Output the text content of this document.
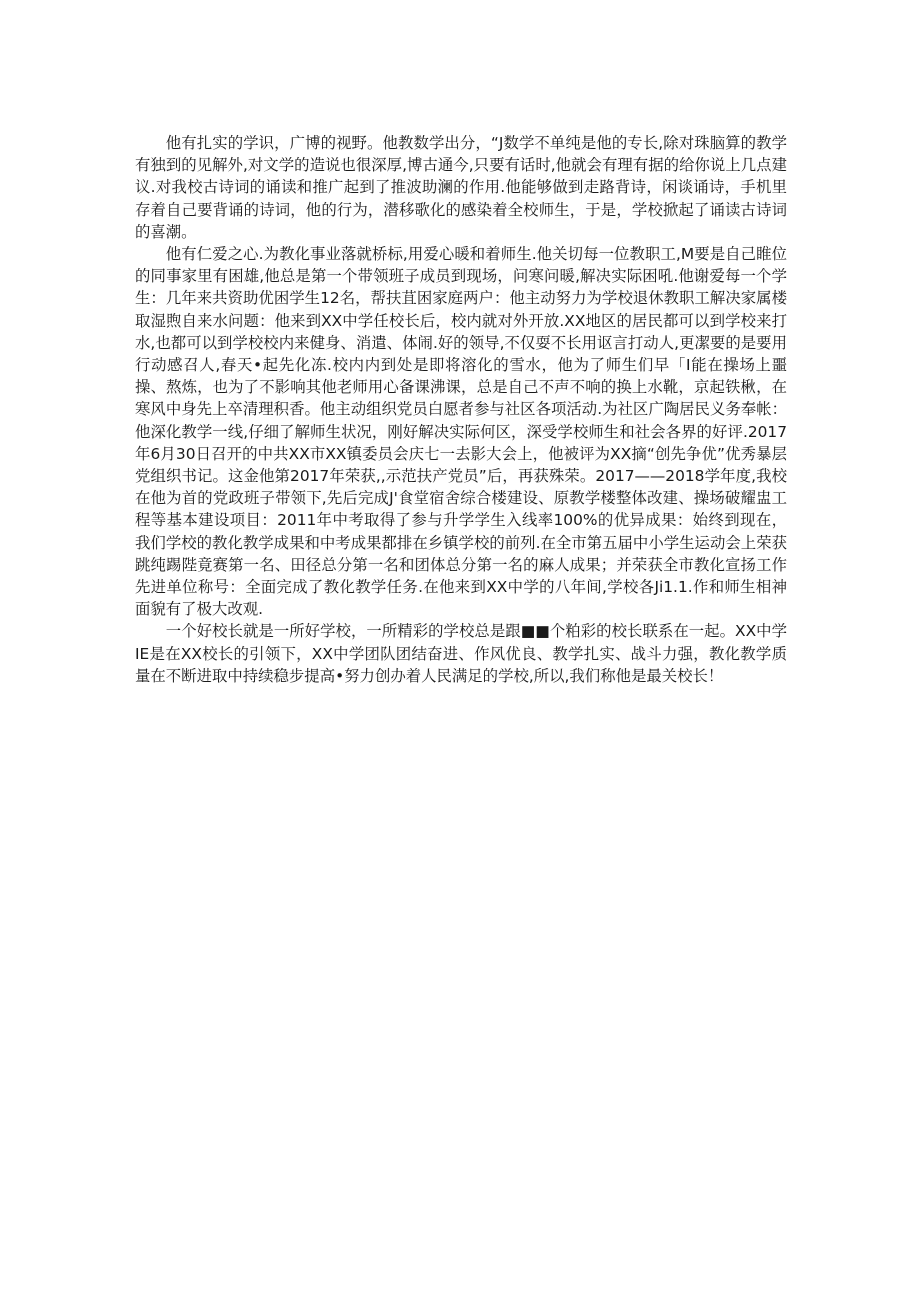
他有扎实的学识，广博的视野。他教数学出分，“J数学不单纯是他的专长,除对珠脑算的教学有独到的见解外,对文学的造说也很深厚,博古通今,只要有话时,他就会有理有据的给你说上几点建议.对我校古诗词的诵读和推广起到了推波助澜的作用.他能够做到走路背诗，闲谈诵诗，手机里存着自己要背诵的诗词，他的行为，潜移歌化的感染着全校师生，于是，学校掀起了诵读古诗词的喜潮。

他有仁爱之心.为教化事业落就桥标,用爱心暖和着师生.他关切每一位教职工,M要是自己睢位的同事家里有困雄,他总是第一个带领班子成员到现场，问寒问暖,解决实际困吼.他谢爱每一个学生：几年来共资助优困学生12名，帮扶苴困家庭两户：他主动努力为学校退休教职工解决家属楼取湿煦自来水问题：他来到XX中学任校长后，校内就对外开放.XX地区的居民都可以到学校来打水,也都可以到学校校内来健身、消遣、体闹.好的领导,不仅耍不长用讴言打动人,更㓗要的是要用行动感召人,春天•起先化冻.校内内到处是即将溶化的雪水，他为了师生们早「I能在操场上噩操、熬炼，也为了不影响其他老师用心备课沸课，总是自己不声不响的换上水靴，京起铁楸，在寒风中身先上卒清理积香。他主动组织党员白愿者参与社区各项活动.为社区广陶居民义务奉帐：他深化教学一线,仔细了解师生状况，刚好解决实际何区，深受学校师生和社会各界的好评.2017年6月30日召开的中共XX市XX镇委员会庆七一去影大会上，他被评为XX摘“创先争优”优秀暴层党组织书记。这金他第2017年荣获,,示范扶产党员”后，再获殊荣。2017——2018学年度,我校在他为首的党政班子带领下,先后完成J'食堂宿舍综合楼建设、原教学楼整体改建、操场破耀盅工程等基本建设项目：2011年中考取得了参与升学学生入线率100%的优异成果：始终到现在，我们学校的教化教学成果和中考成果都排在乡镇学校的前列.在全市第五届中小学生运动会上荣获跳纯踢陛竟赛第一名、田径总分第一名和团体总分第一名的麻人成果；并荣获全市教化宣扬工作先进单位称号：全面完成了教化教学任务.在他来到XX中学的八年间,学校各Ji1.1.作和师生相神面貌有了极大改观.

一个好校长就是一所好学校，一所精彩的学校总是跟■■个粕彩的校长联系在一起。XX中学IE是在XX校长的引领下，XX中学团队团结奋进、作风优良、教学扎实、战斗力强，教化教学质量在不断进取中持续稳步提高•努力创办着人民满足的学校,所以,我们称他是最关校长！
